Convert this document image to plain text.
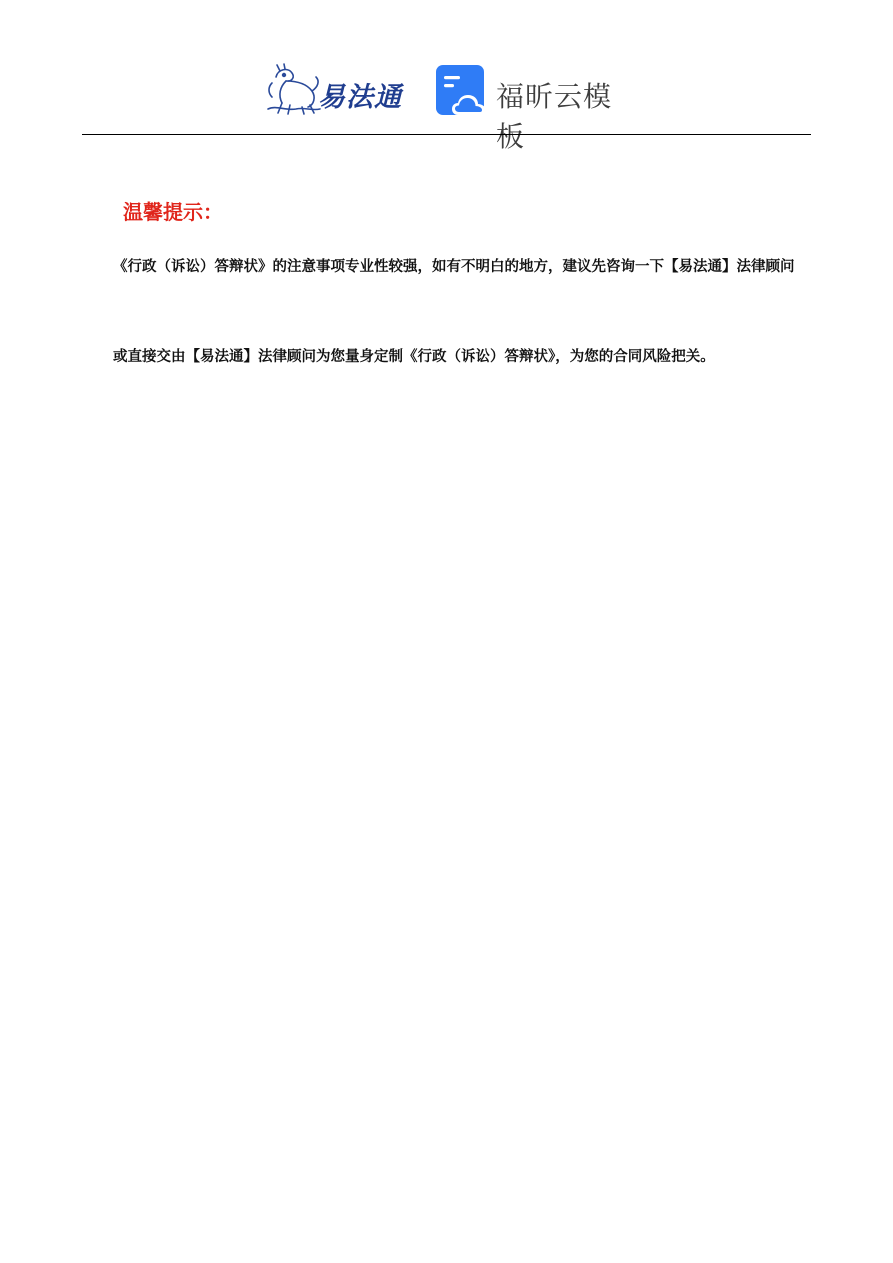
易法通	福昕云模板
温馨提示：

《行政（诉讼）答辩状》的注意事项专业性较强，如有不明白的地方，建议先咨询一下【易法通】法律顾问

或直接交由【易法通】法律顾问为您量身定制《行政（诉讼）答辩状》，为您的合同风险把关。
